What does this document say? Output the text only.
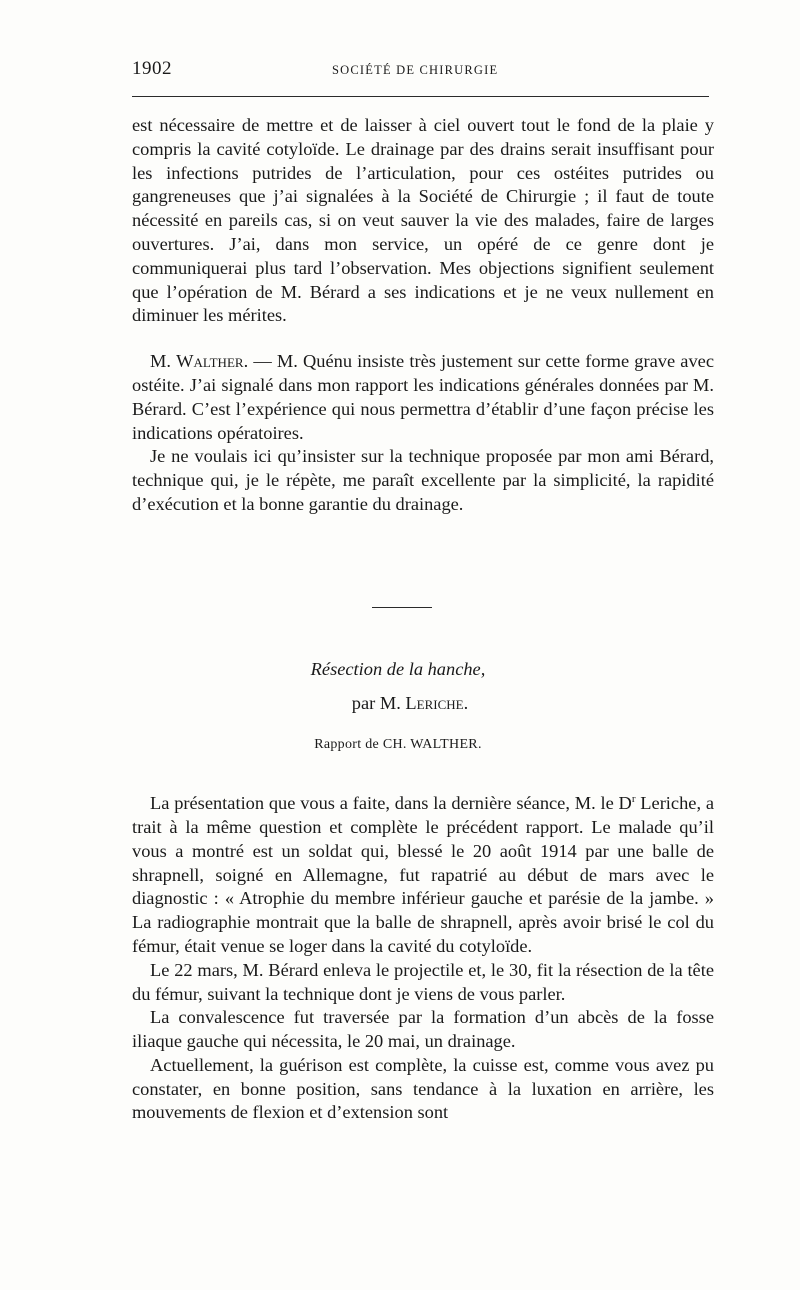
1902	SOCIÉTÉ DE CHIRURGIE

est nécessaire de mettre et de laisser à ciel ouvert tout le fond de la plaie y compris la cavité cotyloïde. Le drainage par des drains serait insuffisant pour les infections putrides de l’articulation, pour ces ostéites putrides ou gangreneuses que j’ai signalées à la Société de Chirurgie ; il faut de toute nécessité en pareils cas, si on veut sauver la vie des malades, faire de larges ouvertures. J’ai, dans mon service, un opéré de ce genre dont je communiquerai plus tard l’observation. Mes objections signifient seulement que l’opération de M. Bérard a ses indications et je ne veux nullement en diminuer les mérites.

M. Walther. — M. Quénu insiste très justement sur cette forme grave avec ostéite. J’ai signalé dans mon rapport les indications générales données par M. Bérard. C’est l’expérience qui nous permettra d’établir d’une façon précise les indications opératoires.

Je ne voulais ici qu’insister sur la technique proposée par mon ami Bérard, technique qui, je le répète, me paraît excellente par la simplicité, la rapidité d’exécution et la bonne garantie du drainage.

Résection de la hanche,
par M. Leriche.
Rapport de CH. WALTHER.

La présentation que vous a faite, dans la dernière séance, M. le $D^r$ Leriche, a trait à la même question et complète le précédent rapport. Le malade qu’il vous a montré est un soldat qui, blessé le 20 août 1914 par une balle de shrapnell, soigné en Allemagne, fut rapatrié au début de mars avec le diagnostic : « Atrophie du membre inférieur gauche et parésie de la jambe. » La radiographie montrait que la balle de shrapnell, après avoir brisé le col du fémur, était venue se loger dans la cavité du cotyloïde.

Le 22 mars, M. Bérard enleva le projectile et, le 30, fit la résection de la tête du fémur, suivant la technique dont je viens de vous parler.

La convalescence fut traversée par la formation d’un abcès de la fosse iliaque gauche qui nécessita, le 20 mai, un drainage.

Actuellement, la guérison est complète, la cuisse est, comme vous avez pu constater, en bonne position, sans tendance à la luxation en arrière, les mouvements de flexion et d’extension sont
